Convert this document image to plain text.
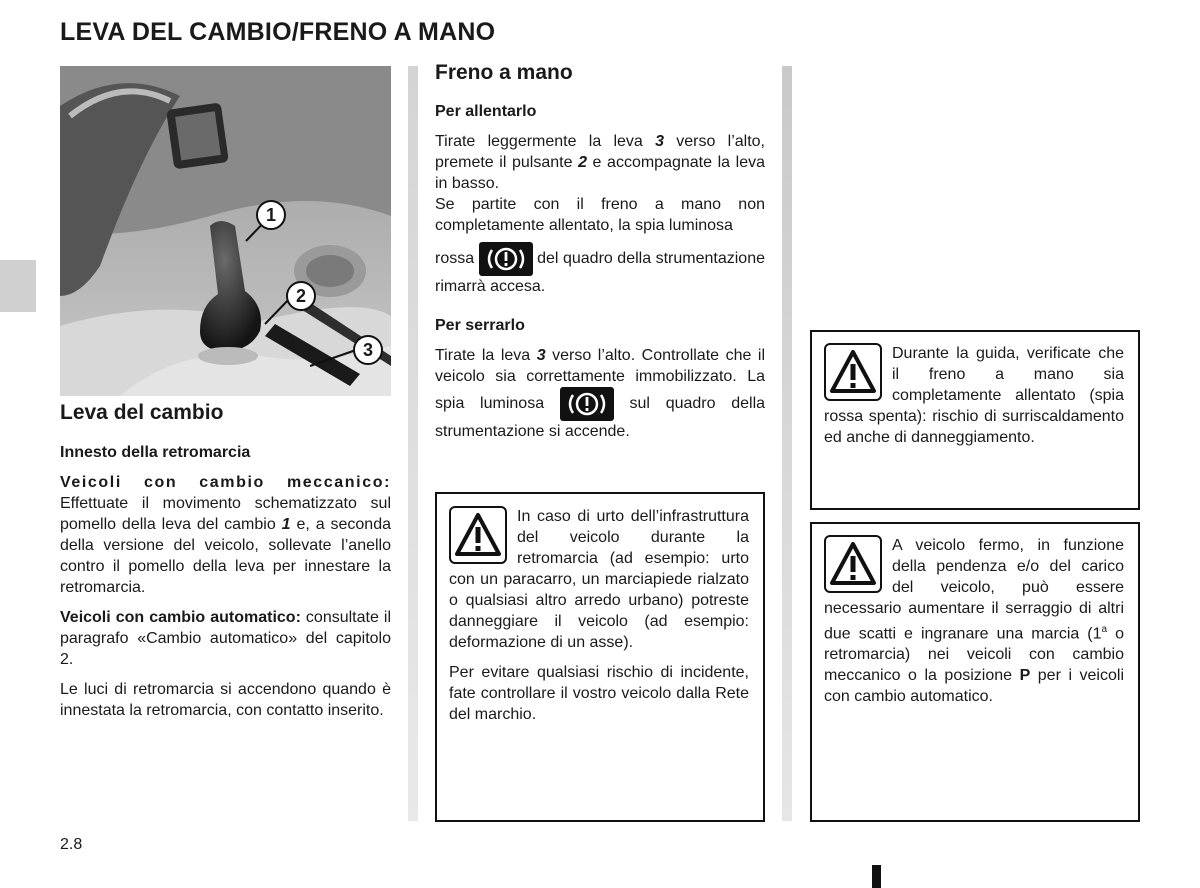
LEVA DEL CAMBIO/FRENO A MANO
1
2
3
Leva del cambio
Innesto della retromarcia

Veicoli con cambio meccanico: Effettuate il movimento schematizzato sul pomello della leva del cambio 1 e, a seconda della versione del veicolo, sollevate l’anello contro il pomello della leva per innestare la retromarcia.

Veicoli con cambio automatico: consultate il paragrafo «Cambio automatico» del capitolo 2.

Le luci di retromarcia si accendono quando è innestata la retromarcia, con contatto inserito.

Freno a mano
Per allentarlo

Tirate leggermente la leva 3 verso l’alto, premete il pulsante 2 e accompagnate la leva in basso.

Se partite con il freno a mano non completamente allentato, la spia luminosa

rossa	del quadro della strumentazione rimarrà accesa.

Per serrarlo

Tirate la leva 3 verso l’alto. Controllate che il veicolo sia correttamente immobilizzato. La spia luminosa	sul quadro della strumentazione si accende.

In caso di urto dell’infrastruttura del veicolo durante la retromarcia (ad esempio: urto con un paracarro, un marciapiede rialzato o qualsiasi altro arredo urbano) potreste danneggiare il veicolo (ad esempio: deformazione di un asse).

Per evitare qualsiasi rischio di incidente, fate controllare il vostro veicolo dalla Rete del marchio.

Durante la guida, verificate che il freno a mano sia completamente allentato (spia rossa spenta): rischio di surriscaldamento ed anche di danneggiamento.

A veicolo fermo, in funzione della pendenza e/o del carico del veicolo, può essere necessario aumentare il serraggio di altri due scatti e ingranare una marcia (1$^a$ o retromarcia) nei veicoli con cambio meccanico o la posizione P per i veicoli con cambio automatico.

2.8
